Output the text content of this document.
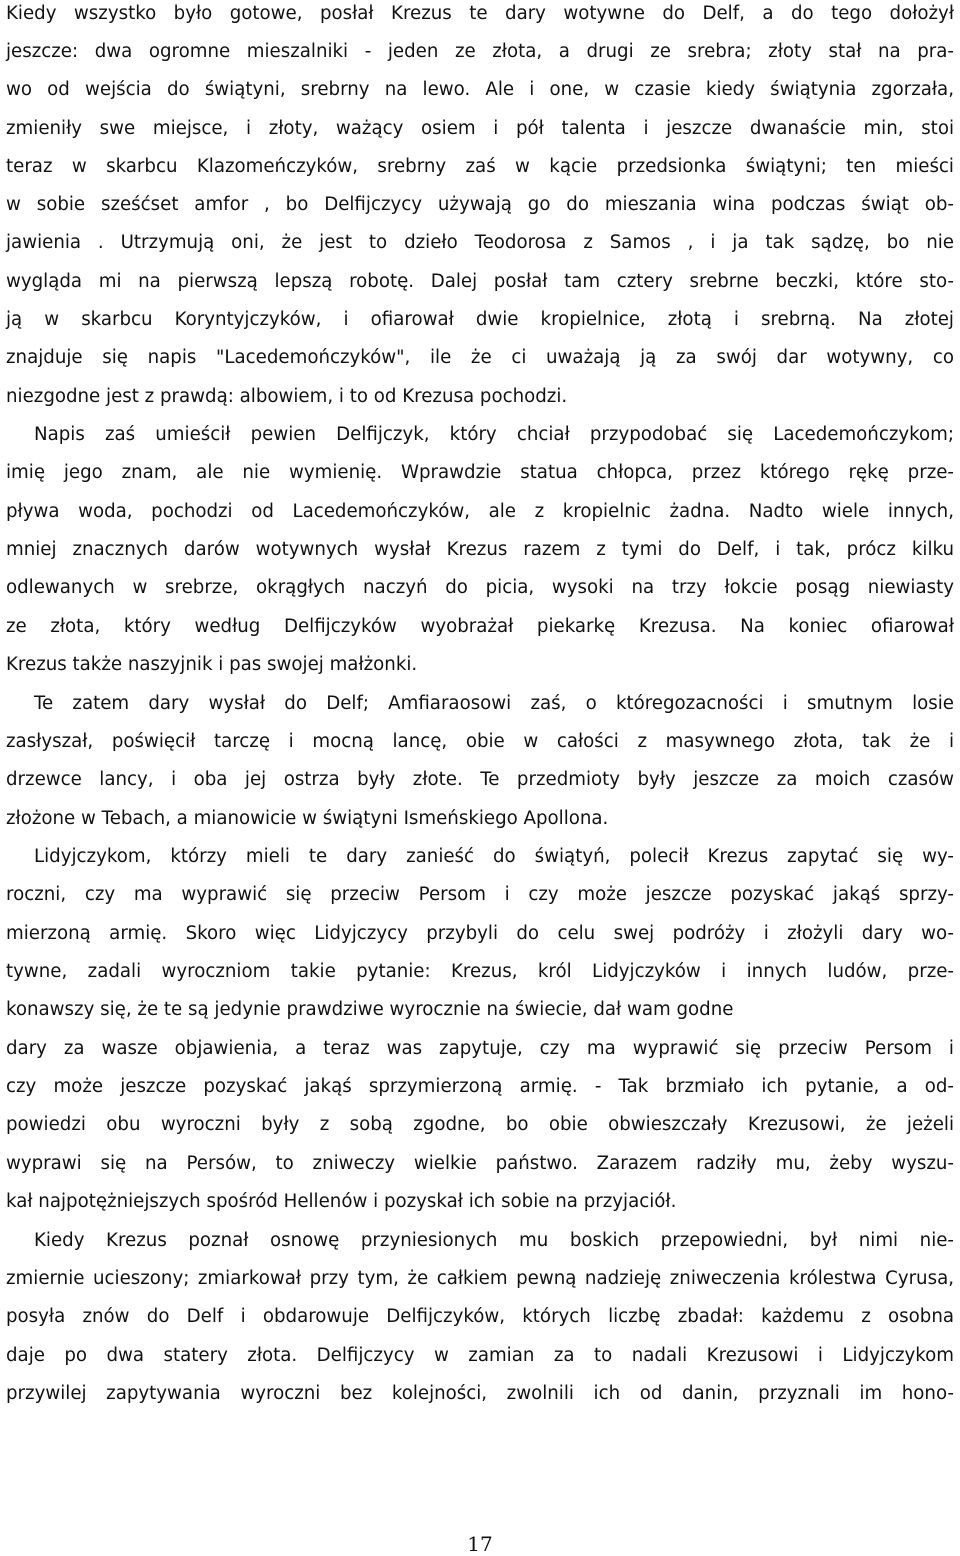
Kiedy wszystko było gotowe, posłał Krezus te dary wotywne do Delf, a do tego dołożył
jeszcze: dwa ogromne mieszalniki - jeden ze złota, a drugi ze srebra; złoty stał na pra-
wo od wejścia do świątyni, srebrny na lewo. Ale i one, w czasie kiedy świątynia zgorzała,
zmieniły swe miejsce, i złoty, ważący osiem i pół talenta i jeszcze dwanaście min, stoi
teraz w skarbcu Klazomeńczyków, srebrny zaś w kącie przedsionka świątyni; ten mieści
w sobie sześćset amfor , bo Delfijczycy używają go do mieszania wina podczas świąt ob-
jawienia . Utrzymują oni, że jest to dzieło Teodorosa z Samos , i ja tak sądzę, bo nie
wygląda mi na pierwszą lepszą robotę. Dalej posłał tam cztery srebrne beczki, które sto-
ją w skarbcu Koryntyjczyków, i ofiarował dwie kropielnice, złotą i srebrną. Na złotej
znajduje się napis "Lacedemończyków", ile że ci uważają ją za swój dar wotywny, co
niezgodne jest z prawdą: albowiem, i to od Krezusa pochodzi.
Napis zaś umieścił pewien Delfijczyk, który chciał przypodobać się Lacedemończykom;
imię jego znam, ale nie wymienię. Wprawdzie statua chłopca, przez którego rękę prze-
pływa woda, pochodzi od Lacedemończyków, ale z kropielnic żadna. Nadto wiele innych,
mniej znacznych darów wotywnych wysłał Krezus razem z tymi do Delf, i tak, prócz kilku
odlewanych w srebrze, okrągłych naczyń do picia, wysoki na trzy łokcie posąg niewiasty
ze złota, który według Delfijczyków wyobrażał piekarkę Krezusa. Na koniec ofiarował
Krezus także naszyjnik i pas swojej małżonki.
Te zatem dary wysłał do Delf; Amfiaraosowi zaś, o któregozacności i smutnym losie
zasłyszał, poświęcił tarczę i mocną lancę, obie w całości z masywnego złota, tak że i
drzewce lancy, i oba jej ostrza były złote. Te przedmioty były jeszcze za moich czasów
złożone w Tebach, a mianowicie w świątyni Ismeńskiego Apollona.
Lidyjczykom, którzy mieli te dary zanieść do świątyń, polecił Krezus zapytać się wy-
roczni, czy ma wyprawić się przeciw Persom i czy może jeszcze pozyskać jakąś sprzy-
mierzoną armię. Skoro więc Lidyjczycy przybyli do celu swej podróży i złożyli dary wo-
tywne, zadali wyroczniom takie pytanie: Krezus, król Lidyjczyków i innych ludów, prze-
konawszy się, że te są jedynie prawdziwe wyrocznie na świecie, dał wam godne
dary za wasze objawienia, a teraz was zapytuje, czy ma wyprawić się przeciw Persom i
czy może jeszcze pozyskać jakąś sprzymierzoną armię. - Tak brzmiało ich pytanie, a od-
powiedzi obu wyroczni były z sobą zgodne, bo obie obwieszczały Krezusowi, że jeżeli
wyprawi się na Persów, to zniweczy wielkie państwo. Zarazem radziły mu, żeby wyszu-
kał najpotężniejszych spośród Hellenów i pozyskał ich sobie na przyjaciół.
Kiedy Krezus poznał osnowę przyniesionych mu boskich przepowiedni, był nimi nie-
zmiernie ucieszony; zmiarkował przy tym, że całkiem pewną nadzieję zniweczenia królestwa Cyrusa,
posyła znów do Delf i obdarowuje Delfijczyków, których liczbę zbadał: każdemu z osobna
daje po dwa statery złota. Delfijczycy w zamian za to nadali Krezusowi i Lidyjczykom
przywilej zapytywania wyroczni bez kolejności, zwolnili ich od danin, przyznali im hono-
17
